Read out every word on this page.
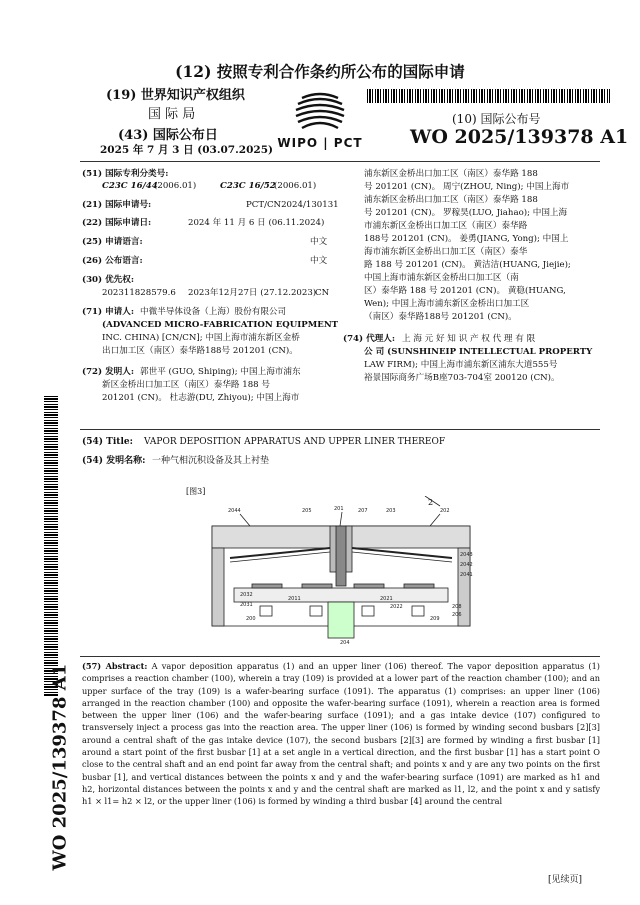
WO 2025/139378 A1
(12) 按照专利合作条约所公布的国际申请
(19) 世界知识产权组织
国 际 局
(43) 国际公布日
2025 年 7 月 3 日 (03.07.2025) WIPO | PCT
(10) 国际公布号
WO 2025/139378 A1
(51) 国际专利分类号:
C23C 16/44
(2006.01)	C23C 16/52
(2006.01)
(21) 国际申请号:	PCT/CN2024/130131
(22) 国际申请日:	2024 年 11 月 6 日 (06.11.2024)
(25) 申请语言:	中文
(26) 公布语言:	中文
(30) 优先权:
202311828579.6 2023年12月27日 (27.12.2023)
CN
(71) 申请人: 中微半导体设备（上海）股份有限公司
(ADVANCED MICRO-FABRICATION EQUIPMENT
INC. CHINA) [CN/CN]; 中国上海市浦东新区金桥
出口加工区（南区）泰华路188号 201201 (CN)。
(72) 发明人: 郭世平 (GUO, Shiping); 中国上海市浦东
新区金桥出口加工区（南区）泰华路 188 号
201201 (CN)。 杜志游(DU, Zhiyou); 中国上海市
浦东新区金桥出口加工区（南区）泰华路 188
号 201201 (CN)。 周宁(ZHOU, Ning); 中国上海市
浦东新区金桥出口加工区（南区）泰华路 188
号 201201 (CN)。 罗稼昊(LUO, Jiahao); 中国上海
市浦东新区金桥出口加工区（南区）泰华路
188号 201201 (CN)。 姜勇(JIANG, Yong); 中国上
海市浦东新区金桥出口加工区（南区）泰华
路 188 号 201201 (CN)。 黄洁洁(HUANG, Jiejie);
中国上海市浦东新区金桥出口加工区（南
区）泰华路 188 号 201201 (CN)。 黄稳(HUANG,
Wen); 中国上海市浦东新区金桥出口加工区
（南区）泰华路188号 201201 (CN)。
(74) 代理人: 上 海 元 好 知 识 产 权 代 理 有 限
公 司 (SUNSHINEIP INTELLECTUAL PROPERTY
LAW FIRM); 中国上海市浦东新区浦东大道555号
裕景国际商务广场B座703-704室 200120 (CN)。
(54) Title: VAPOR DEPOSITION APPARATUS AND UPPER LINER THEREOF
(54) 发明名称: 一种气相沉积设备及其上衬垫
[图3]
2044	205	201	207	203	202
2043
2042
2041
2032
2031
2011	2021
2022	208
206
209
200
204
2
(57) Abstract: A vapor deposition apparatus (1) and an upper liner (106) thereof. The vapor deposition apparatus (1) comprises a reaction chamber (100), wherein a tray (109) is provided at a lower part of the reaction chamber (100); and an upper surface of the tray (109) is a wafer-bearing surface (1091). The apparatus (1) comprises: an upper liner (106) arranged in the reaction chamber (100) and opposite the wafer-bearing surface (1091), wherein a reaction area is formed between the upper liner (106) and the wafer-bearing surface (1091); and a gas intake device (107) configured to transversely inject a process gas into the reaction area. The upper liner (106) is formed by winding second busbars [2][3] around a central shaft of the gas intake device (107), the second busbars [2][3] are formed by winding a first busbar [1] around a start point of the first busbar [1] at a set angle in a vertical direction, and the first busbar [1] has a start point O close to the central shaft and an end point far away from the central shaft; and points x and y are any two points on the first busbar [1], and vertical distances between the points x and y and the wafer-bearing surface (1091) are marked as h1 and h2, horizontal distances between the points x and y and the central shaft are marked as l1, l2, and the point x and y satisfy h1 × l1= h2 × l2, or the upper liner (106) is formed by winding a third busbar [4] around the central
[见续页]
